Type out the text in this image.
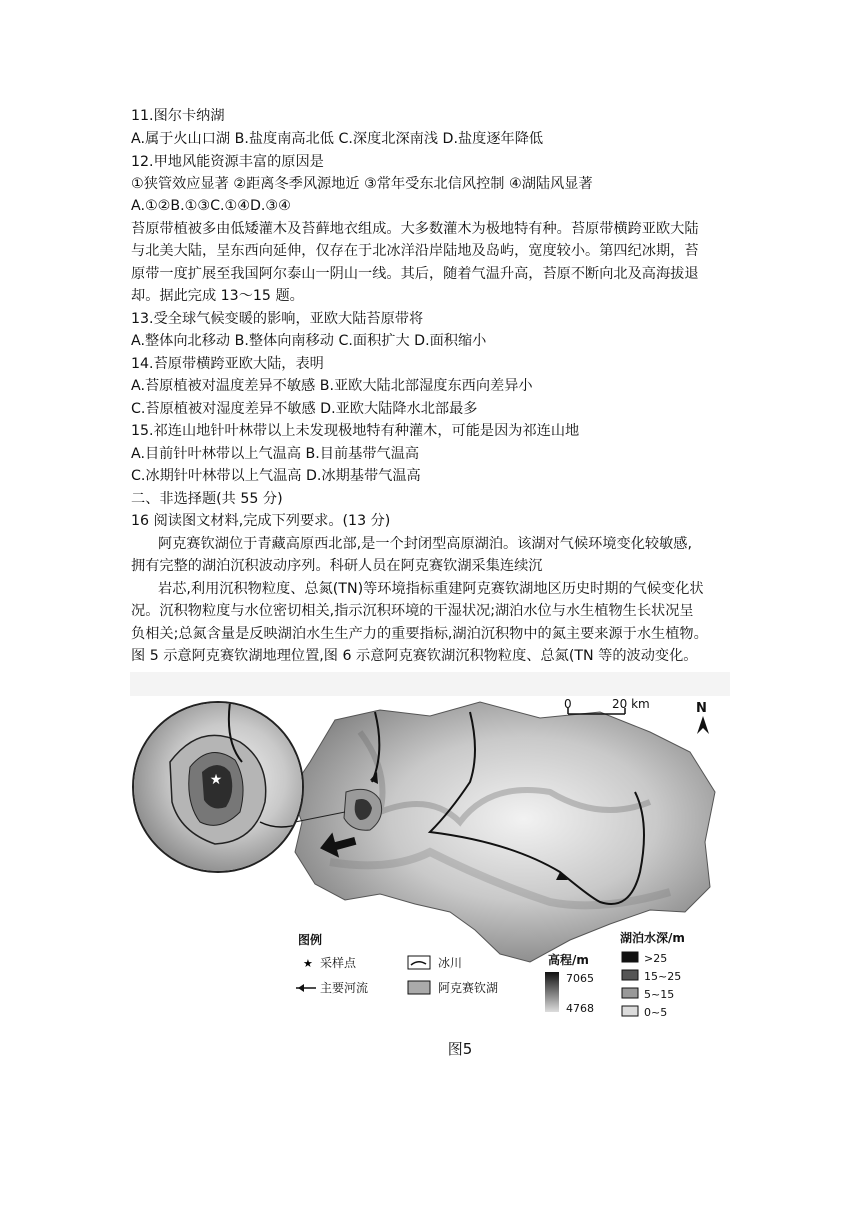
11.图尔卡纳湖
A.属于火山口湖 B.盐度南高北低 C.深度北深南浅 D.盐度逐年降低
12.甲地风能资源丰富的原因是
①狭管效应显著 ②距离冬季风源地近 ③常年受东北信风控制 ④湖陆风显著
A.①②B.①③C.①④D.③④
苔原带植被多由低矮灌木及苔藓地衣组成。大多数灌木为极地特有种。苔原带横跨亚欧大陆
与北美大陆，呈东西向延伸，仅存在于北冰洋沿岸陆地及岛屿，宽度较小。第四纪冰期，苔
原带一度扩展至我国阿尔泰山一阴山一线。其后，随着气温升高，苔原不断向北及高海拔退
却。据此完成 13～15 题。
13.受全球气候变暖的影响，亚欧大陆苔原带将
A.整体向北移动 B.整体向南移动 C.面积扩大 D.面积缩小
14.苔原带横跨亚欧大陆，表明
A.苔原植被对温度差异不敏感 B.亚欧大陆北部湿度东西向差异小
C.苔原植被对湿度差异不敏感 D.亚欧大陆降水北部最多
15.祁连山地针叶林带以上未发现极地特有种灌木，可能是因为祁连山地
A.目前针叶林带以上气温高 B.目前基带气温高
C.冰期针叶林带以上气温高 D.冰期基带气温高
二、非选择题(共 55 分)
16 阅读图文材料,完成下列要求。(13 分)
阿克赛钦湖位于青藏高原西北部,是一个封闭型高原湖泊。该湖对气候环境变化较敏感,
拥有完整的湖泊沉积波动序列。科研人员在阿克赛钦湖采集连续沉
岩芯,利用沉积物粒度、总氮(TN)等环境指标重建阿克赛钦湖地区历史时期的气候变化状
况。沉积物粒度与水位密切相关,指示沉积环境的干湿状况;湖泊水位与水生植物生长状况呈
负相关;总氮含量是反映湖泊水生生产力的重要指标,湖泊沉积物中的氮主要来源于水生植物。
图 5 示意阿克赛钦湖地理位置,图 6 示意阿克赛钦湖沉积物粒度、总氮(TN 等的波动变化。
★
0	20 km	N
图例
★ 采样点	冰川
主要河流	阿克赛钦湖
高程/m
7065
4768
湖泊水深/m
>25
15~25
5~15
0~5
图5
